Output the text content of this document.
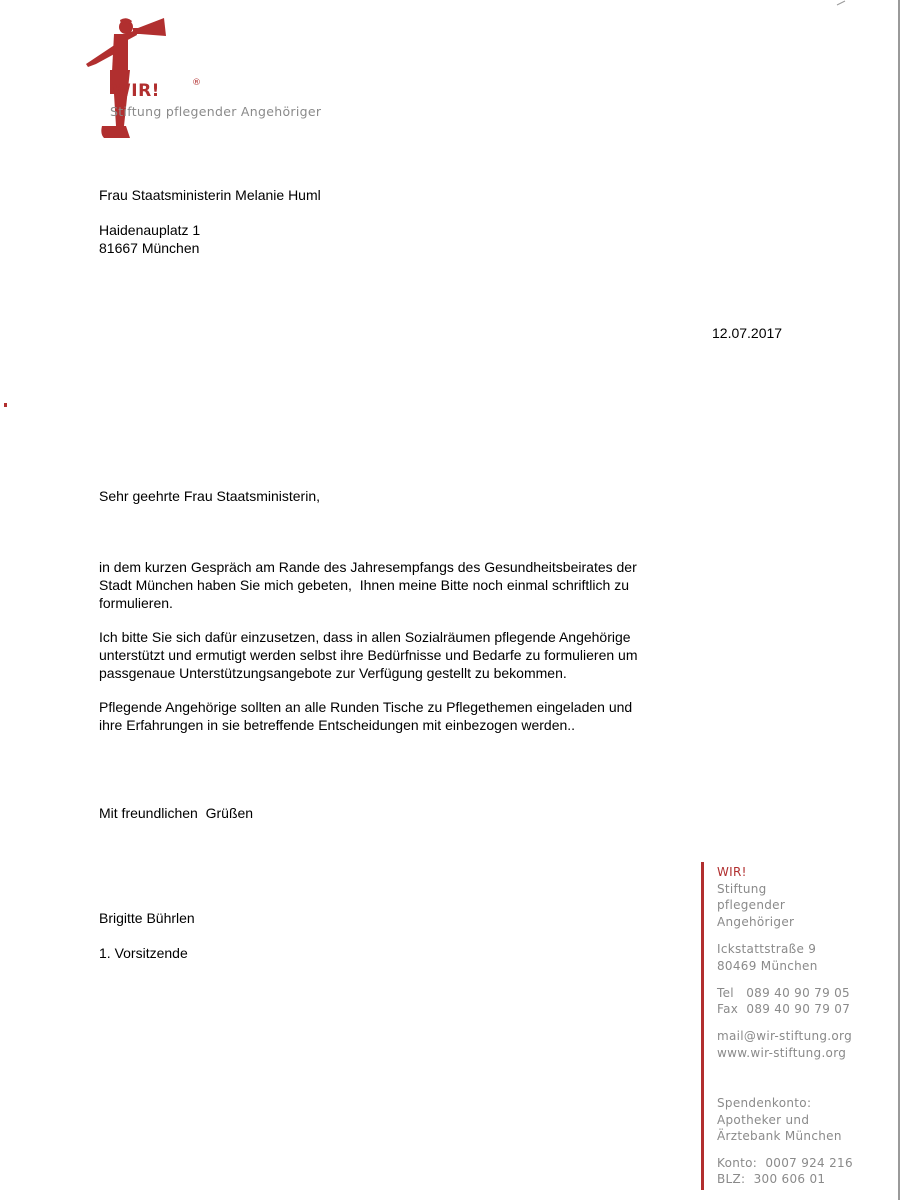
WIR!	®
Stiftung pflegender Angehöriger
Frau Staatsministerin Melanie Huml
Haidenauplatz 1
81667 München
12.07.2017
Sehr geehrte Frau Staatsministerin,
in dem kurzen Gespräch am Rande des Jahresempfangs des Gesundheitsbeirates der
Stadt München haben Sie mich gebeten,  Ihnen meine Bitte noch einmal schriftlich zu
formulieren.
Ich bitte Sie sich dafür einzusetzen, dass in allen Sozialräumen pflegende Angehörige
unterstützt und ermutigt werden selbst ihre Bedürfnisse und Bedarfe zu formulieren um
passgenaue Unterstützungsangebote zur Verfügung gestellt zu bekommen.
Pflegende Angehörige sollten an alle Runden Tische zu Pflegethemen eingeladen und
ihre Erfahrungen in sie betreffende Entscheidungen mit einbezogen werden..
Mit freundlichen  Grüßen
Brigitte Bührlen
1. Vorsitzende
WIR!
Stiftung
pflegender
Angehöriger
Ickstattstraße 9
80469 München
Tel   089 40 90 79 05
Fax  089 40 90 79 07
mail@wir-stiftung.org
www.wir-stiftung.org
Spendenkonto:
Apotheker und
Ärztebank München
Konto:  0007 924 216
BLZ:  300 606 01
